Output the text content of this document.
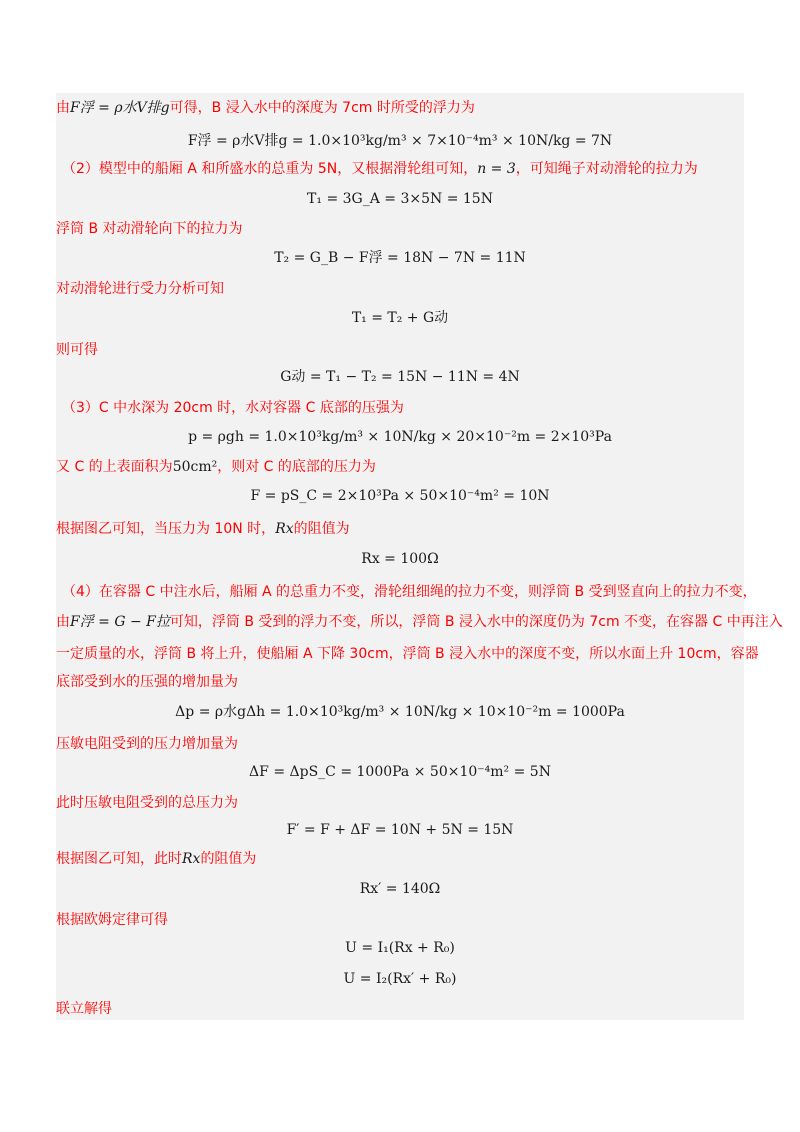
由F浮 = ρ水V排g可得，B 浸入水中的深度为 7cm 时所受的浮力为
F浮 = ρ水V排g = 1.0×10³kg/m³ × 7×10⁻⁴m³ × 10N/kg = 7N
（2）模型中的船厢 A 和所盛水的总重为 5N，又根据滑轮组可知，n = 3，可知绳子对动滑轮的拉力为
T₁ = 3G_A = 3×5N = 15N
浮筒 B 对动滑轮向下的拉力为
T₂ = G_B − F浮 = 18N − 7N = 11N
对动滑轮进行受力分析可知
T₁ = T₂ + G动
则可得
G动 = T₁ − T₂ = 15N − 11N = 4N
（3）C 中水深为 20cm 时，水对容器 C 底部的压强为
p = ρgh = 1.0×10³kg/m³ × 10N/kg × 20×10⁻²m = 2×10³Pa
又 C 的上表面积为50cm²，则对 C 的底部的压力为
F = pS_C = 2×10³Pa × 50×10⁻⁴m² = 10N
根据图乙可知，当压力为 10N 时，Rx的阻值为
Rx = 100Ω
（4）在容器 C 中注水后，船厢 A 的总重力不变，滑轮组细绳的拉力不变，则浮筒 B 受到竖直向上的拉力不变，
由F浮 = G − F拉可知，浮筒 B 受到的浮力不变，所以，浮筒 B 浸入水中的深度仍为 7cm 不变，在容器 C 中再注入
一定质量的水，浮筒 B 将上升，使船厢 A 下降 30cm，浮筒 B 浸入水中的深度不变，所以水面上升 10cm，容器
底部受到水的压强的增加量为
Δp = ρ水gΔh = 1.0×10³kg/m³ × 10N/kg × 10×10⁻²m = 1000Pa
压敏电阻受到的压力增加量为
ΔF = ΔpS_C = 1000Pa × 50×10⁻⁴m² = 5N
此时压敏电阻受到的总压力为
F′ = F + ΔF = 10N + 5N = 15N
根据图乙可知，此时Rx的阻值为
Rx′ = 140Ω
根据欧姆定律可得
U = I₁(Rx + R₀)
U = I₂(Rx′ + R₀)
联立解得
